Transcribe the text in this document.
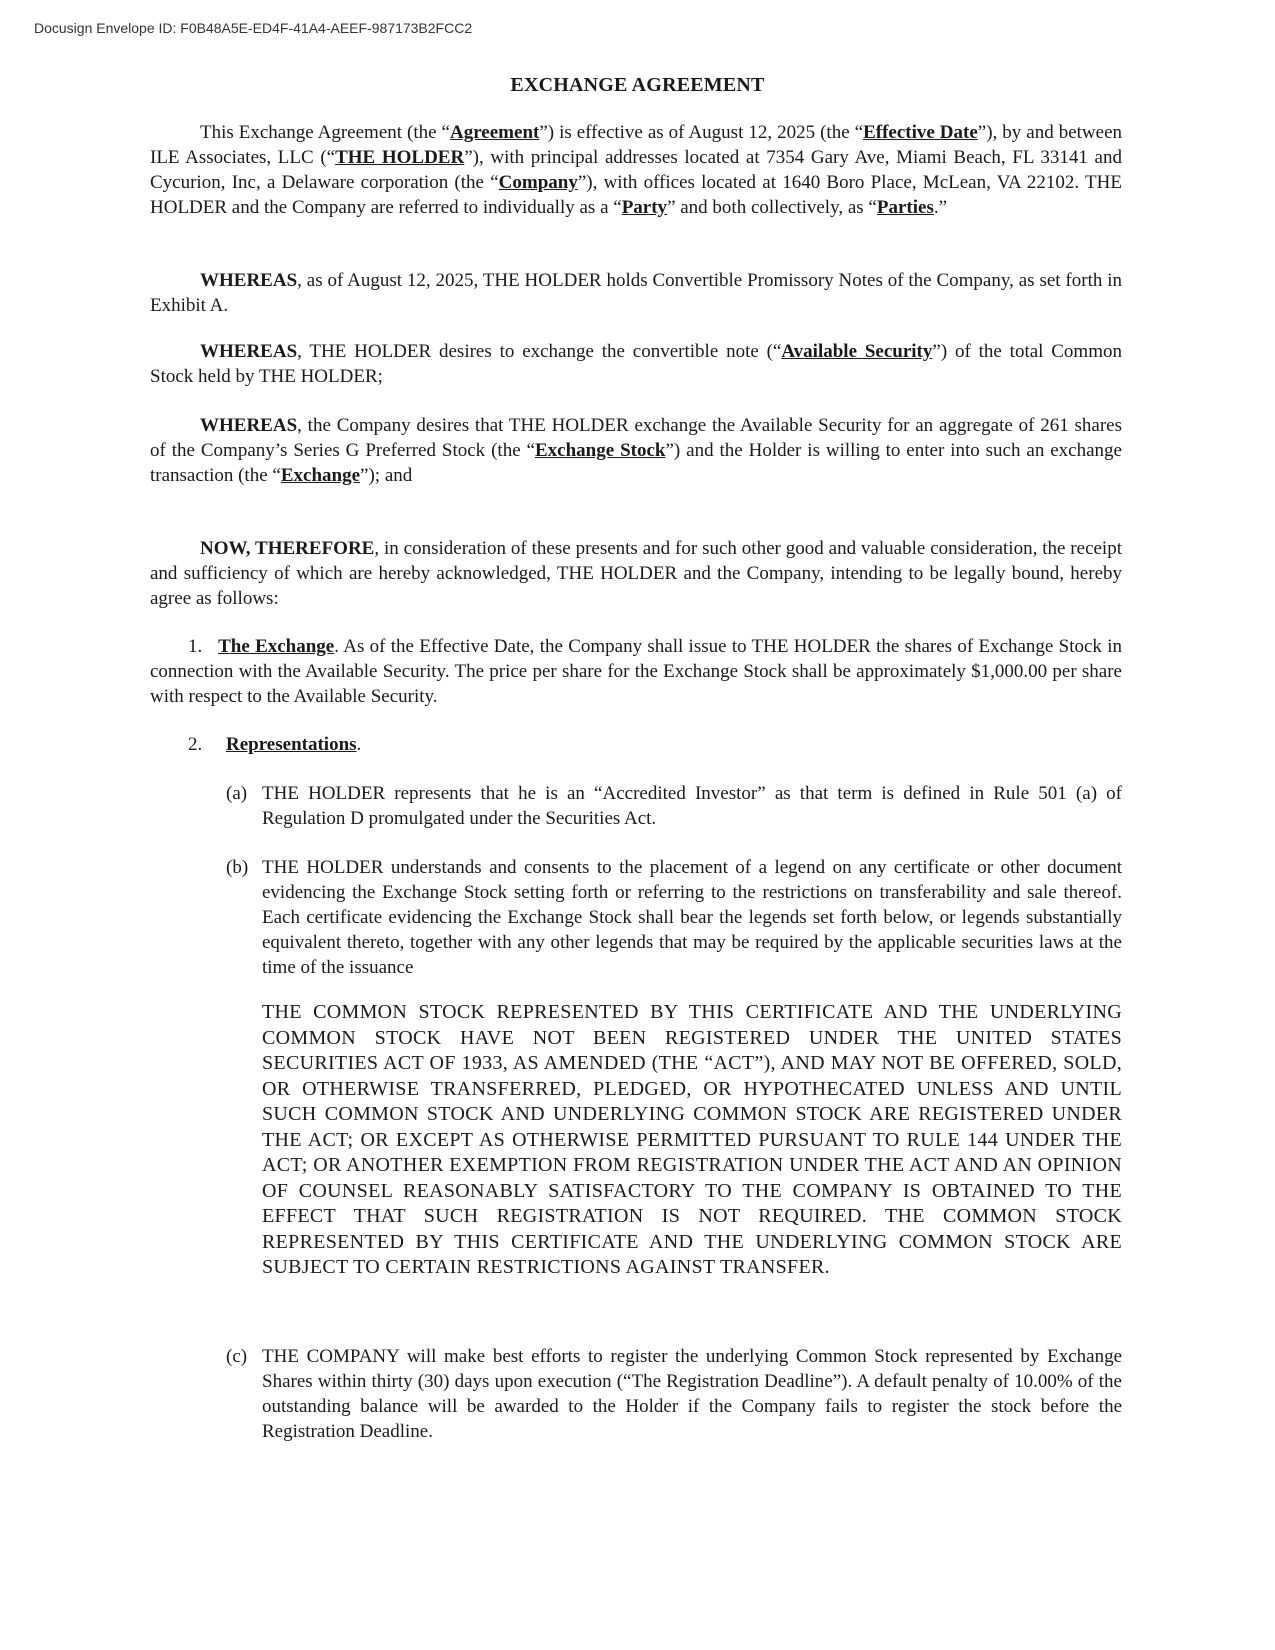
Docusign Envelope ID: F0B48A5E-ED4F-41A4-AEEF-987173B2FCC2
EXCHANGE AGREEMENT
This Exchange Agreement (the “Agreement”) is effective as of August 12, 2025 (the “Effective Date”), by and between ILE Associates, LLC (“THE HOLDER”), with principal addresses located at 7354 Gary Ave, Miami Beach, FL 33141 and Cycurion, Inc, a Delaware corporation (the “Company”), with offices located at 1640 Boro Place, McLean, VA 22102. THE HOLDER and the Company are referred to individually as a “Party” and both collectively, as “Parties.”
WHEREAS, as of August 12, 2025, THE HOLDER holds Convertible Promissory Notes of the Company, as set forth in Exhibit A.
WHEREAS, THE HOLDER desires to exchange the convertible note (“Available Security”) of the total Common Stock held by THE HOLDER;
WHEREAS, the Company desires that THE HOLDER exchange the Available Security for an aggregate of 261 shares of the Company’s Series G Preferred Stock (the “Exchange Stock”) and the Holder is willing to enter into such an exchange transaction (the “Exchange”); and
NOW, THEREFORE, in consideration of these presents and for such other good and valuable consideration, the receipt and sufficiency of which are hereby acknowledged, THE HOLDER and the Company, intending to be legally bound, hereby agree as follows:
1. The Exchange. As of the Effective Date, the Company shall issue to THE HOLDER the shares of Exchange Stock in connection with the Available Security. The price per share for the Exchange Stock shall be approximately $1,000.00 per share with respect to the Available Security.
2. Representations.
(a) THE HOLDER represents that he is an “Accredited Investor” as that term is defined in Rule 501 (a) of Regulation D promulgated under the Securities Act.
(b) THE HOLDER understands and consents to the placement of a legend on any certificate or other document evidencing the Exchange Stock setting forth or referring to the restrictions on transferability and sale thereof. Each certificate evidencing the Exchange Stock shall bear the legends set forth below, or legends substantially equivalent thereto, together with any other legends that may be required by the applicable securities laws at the time of the issuance
THE COMMON STOCK REPRESENTED BY THIS CERTIFICATE AND THE UNDERLYING COMMON STOCK HAVE NOT BEEN REGISTERED UNDER THE UNITED STATES SECURITIES ACT OF 1933, AS AMENDED (THE “ACT”), AND MAY NOT BE OFFERED, SOLD, OR OTHERWISE TRANSFERRED, PLEDGED, OR HYPOTHECATED UNLESS AND UNTIL SUCH COMMON STOCK AND UNDERLYING COMMON STOCK ARE REGISTERED UNDER THE ACT; OR EXCEPT AS OTHERWISE PERMITTED PURSUANT TO RULE 144 UNDER THE ACT; OR ANOTHER EXEMPTION FROM REGISTRATION UNDER THE ACT AND AN OPINION OF COUNSEL REASONABLY SATISFACTORY TO THE COMPANY IS OBTAINED TO THE EFFECT THAT SUCH REGISTRATION IS NOT REQUIRED. THE COMMON STOCK REPRESENTED BY THIS CERTIFICATE AND THE UNDERLYING COMMON STOCK ARE SUBJECT TO CERTAIN RESTRICTIONS AGAINST TRANSFER.
(c) THE COMPANY will make best efforts to register the underlying Common Stock represented by Exchange Shares within thirty (30) days upon execution (“The Registration Deadline”). A default penalty of 10.00% of the outstanding balance will be awarded to the Holder if the Company fails to register the stock before the Registration Deadline.
